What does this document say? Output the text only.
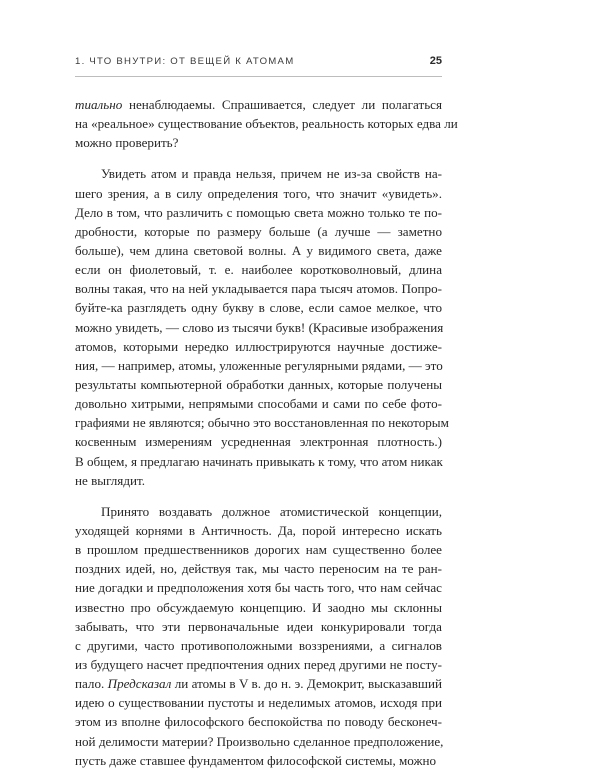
1. ЧТО ВНУТРИ: ОТ ВЕЩЕЙ К АТОМАМ	25
тиально ненаблюдаемы. Спрашивается, следует ли полагаться
на «реальное» существование объектов, реальность которых едва ли
можно проверить?
Увидеть атом и правда нельзя, причем не из-за свойств на-
шего зрения, а в силу определения того, что значит «увидеть».
Дело в том, что различить с помощью света можно только те по-
дробности, которые по размеру больше (а лучше — заметно
больше), чем длина световой волны. А у видимого света, даже
если он фиолетовый, т. е. наиболее коротковолновый, длина
волны такая, что на ней укладывается пара тысяч атомов. Попро-
буйте-ка разглядеть одну букву в слове, если самое мелкое, что
можно увидеть, — слово из тысячи букв! (Красивые изображения
атомов, которыми нередко иллюстрируются научные достиже-
ния, — например, атомы, уложенные регулярными рядами, — это
результаты компьютерной обработки данных, которые получены
довольно хитрыми, непрямыми способами и сами по себе фото-
графиями не являются; обычно это восстановленная по некоторым
косвенным измерениям усредненная электронная плотность.)
В общем, я предлагаю начинать привыкать к тому, что атом никак
не выглядит.
Принято воздавать должное атомистической концепции,
уходящей корнями в Античность. Да, порой интересно искать
в прошлом предшественников дорогих нам существенно более
поздних идей, но, действуя так, мы часто переносим на те ран-
ние догадки и предположения хотя бы часть того, что нам сейчас
известно про обсуждаемую концепцию. И заодно мы склонны
забывать, что эти первоначальные идеи конкурировали тогда
с другими, часто противоположными воззрениями, а сигналов
из будущего насчет предпочтения одних перед другими не посту-
пало. Предсказал ли атомы в V в. до н. э. Демокрит, высказавший
идею о существовании пустоты и неделимых атомов, исходя при
этом из вполне философского беспокойства по поводу бесконеч-
ной делимости материи? Произвольно сделанное предположение,
пусть даже ставшее фундаментом философской системы, можно
